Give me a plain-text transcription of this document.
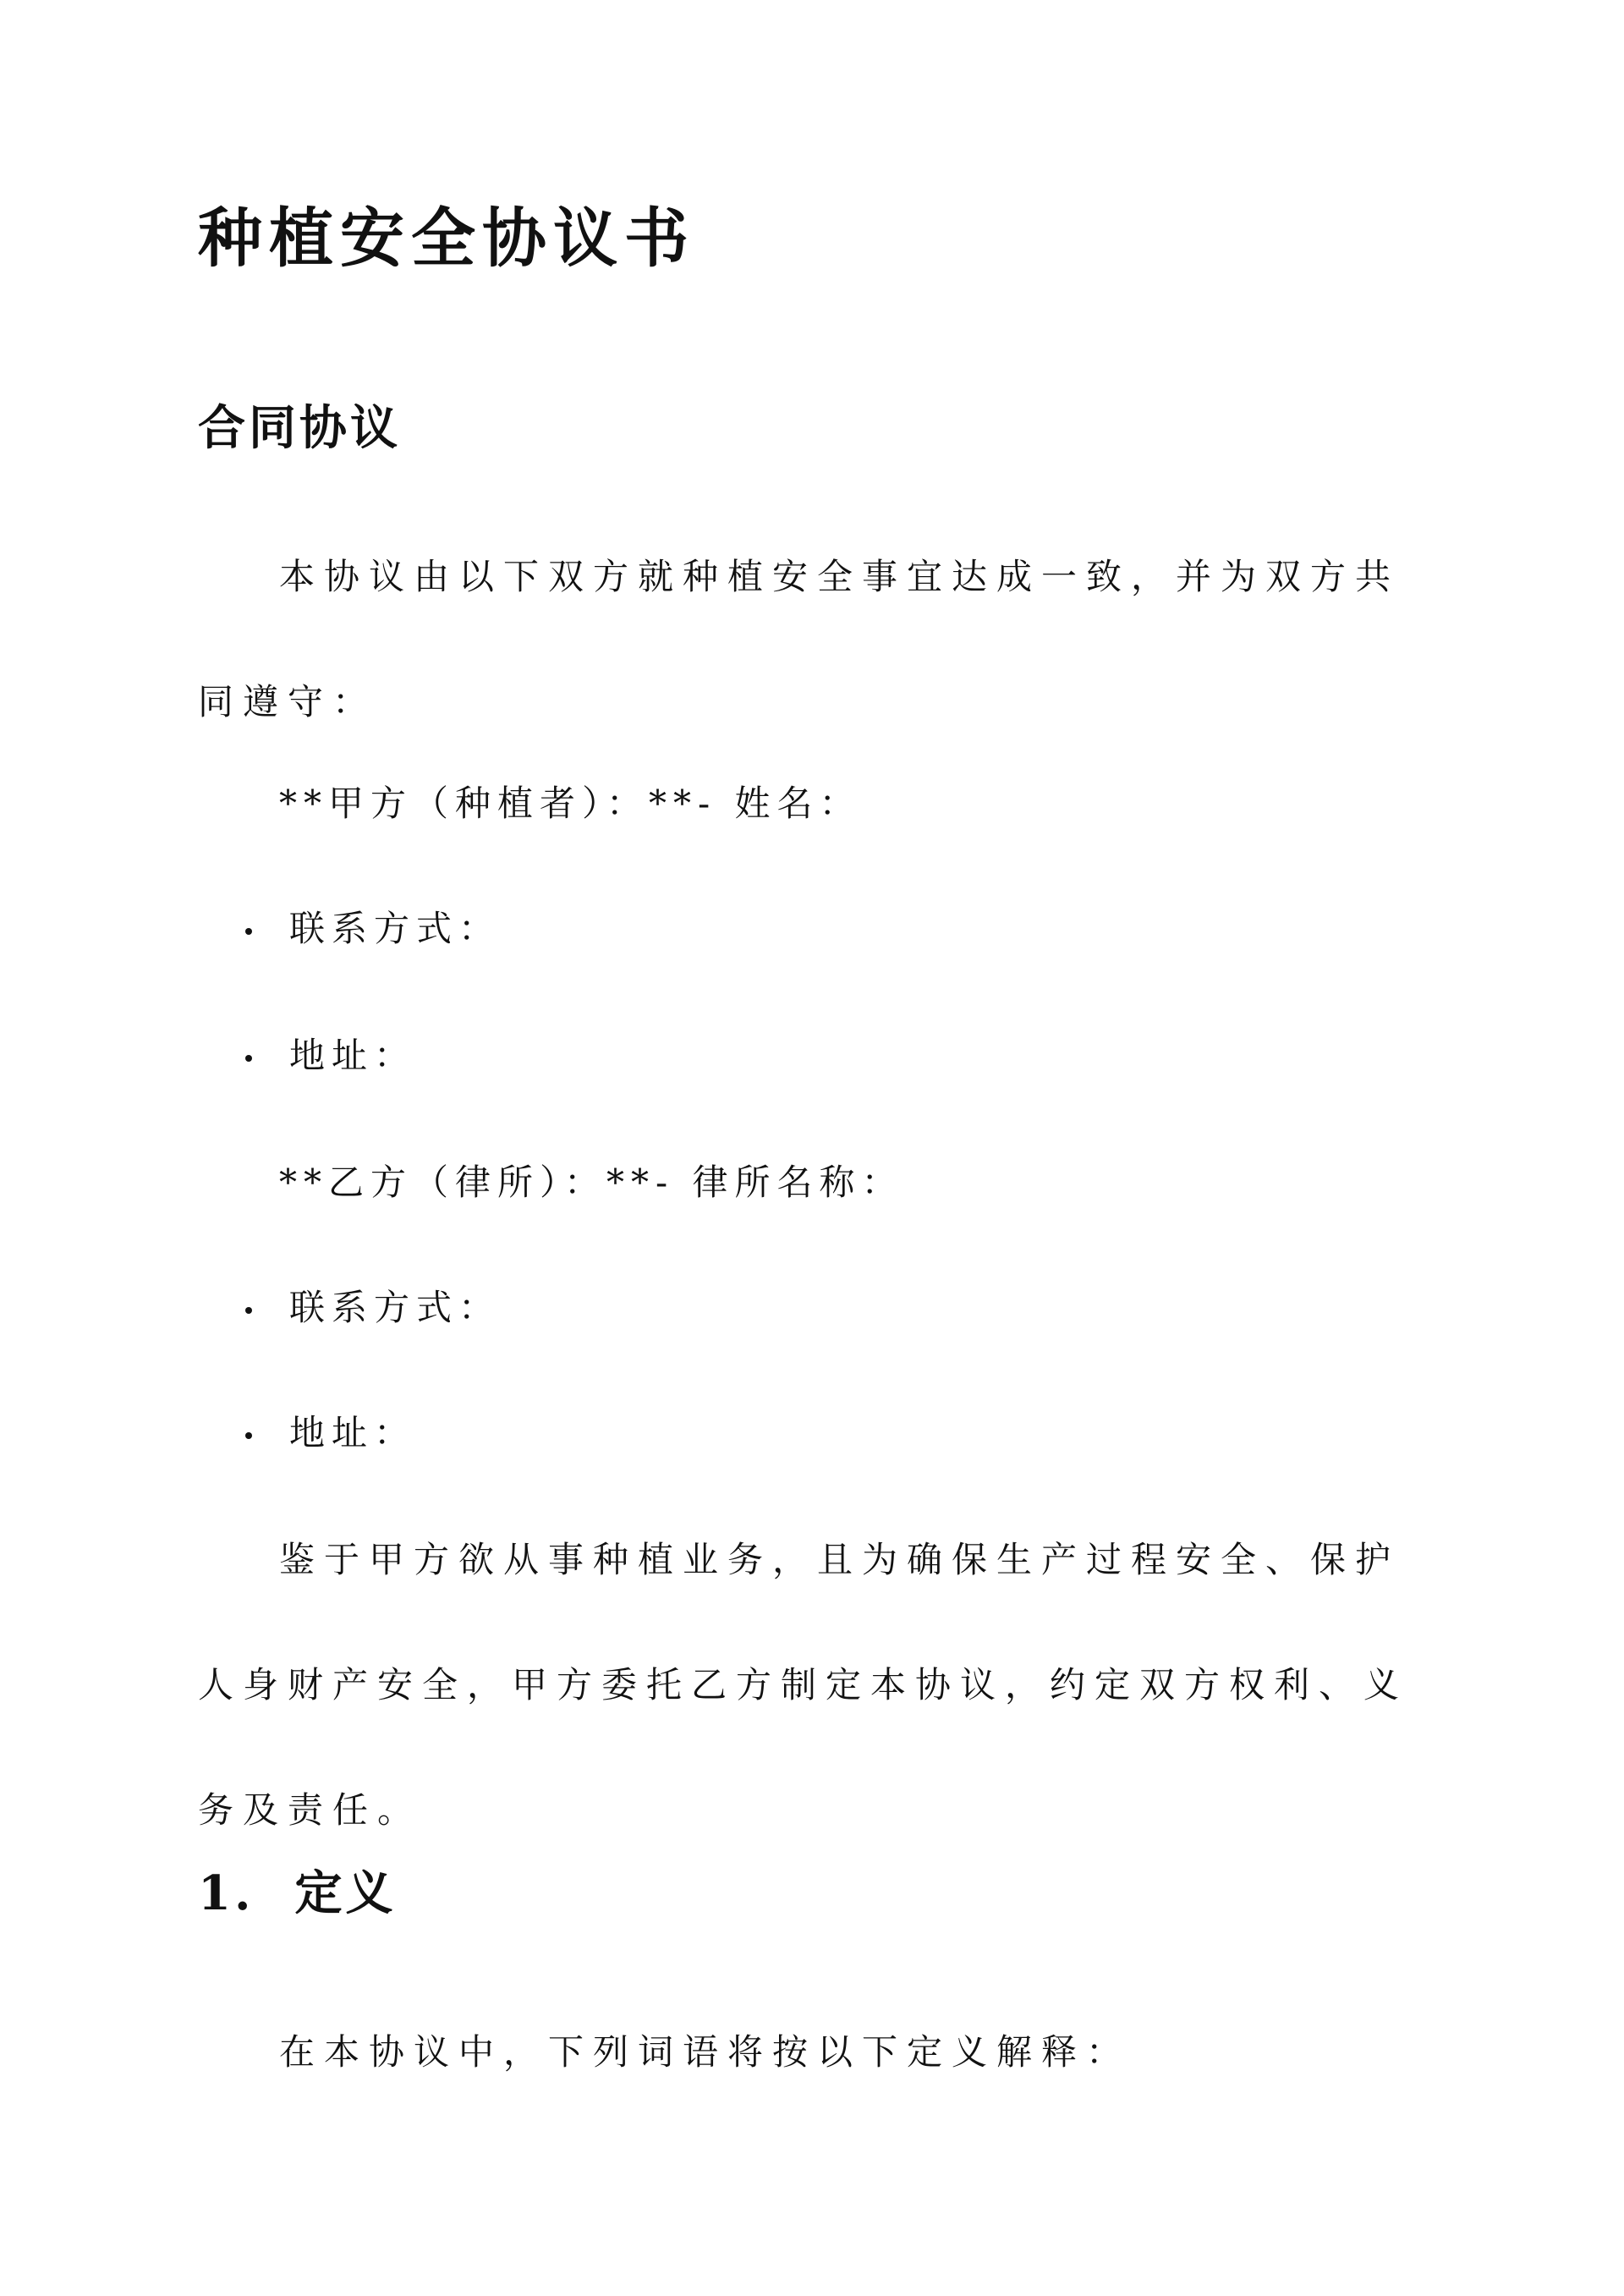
种植安全协议书
合同协议

本协议由以下双方就种植安全事宜达成一致，并为双方共同遵守：

**甲方（种植者）：**- 姓名：

联系方式：

地址：

**乙方（律所）：**- 律所名称：

联系方式：

地址：

鉴于甲方欲从事种植业务，且为确保生产过程安全、保护人身财产安全，甲方委托乙方制定本协议，约定双方权利、义务及责任。

1. 定义

在本协议中，下列词语将按以下定义解释：
